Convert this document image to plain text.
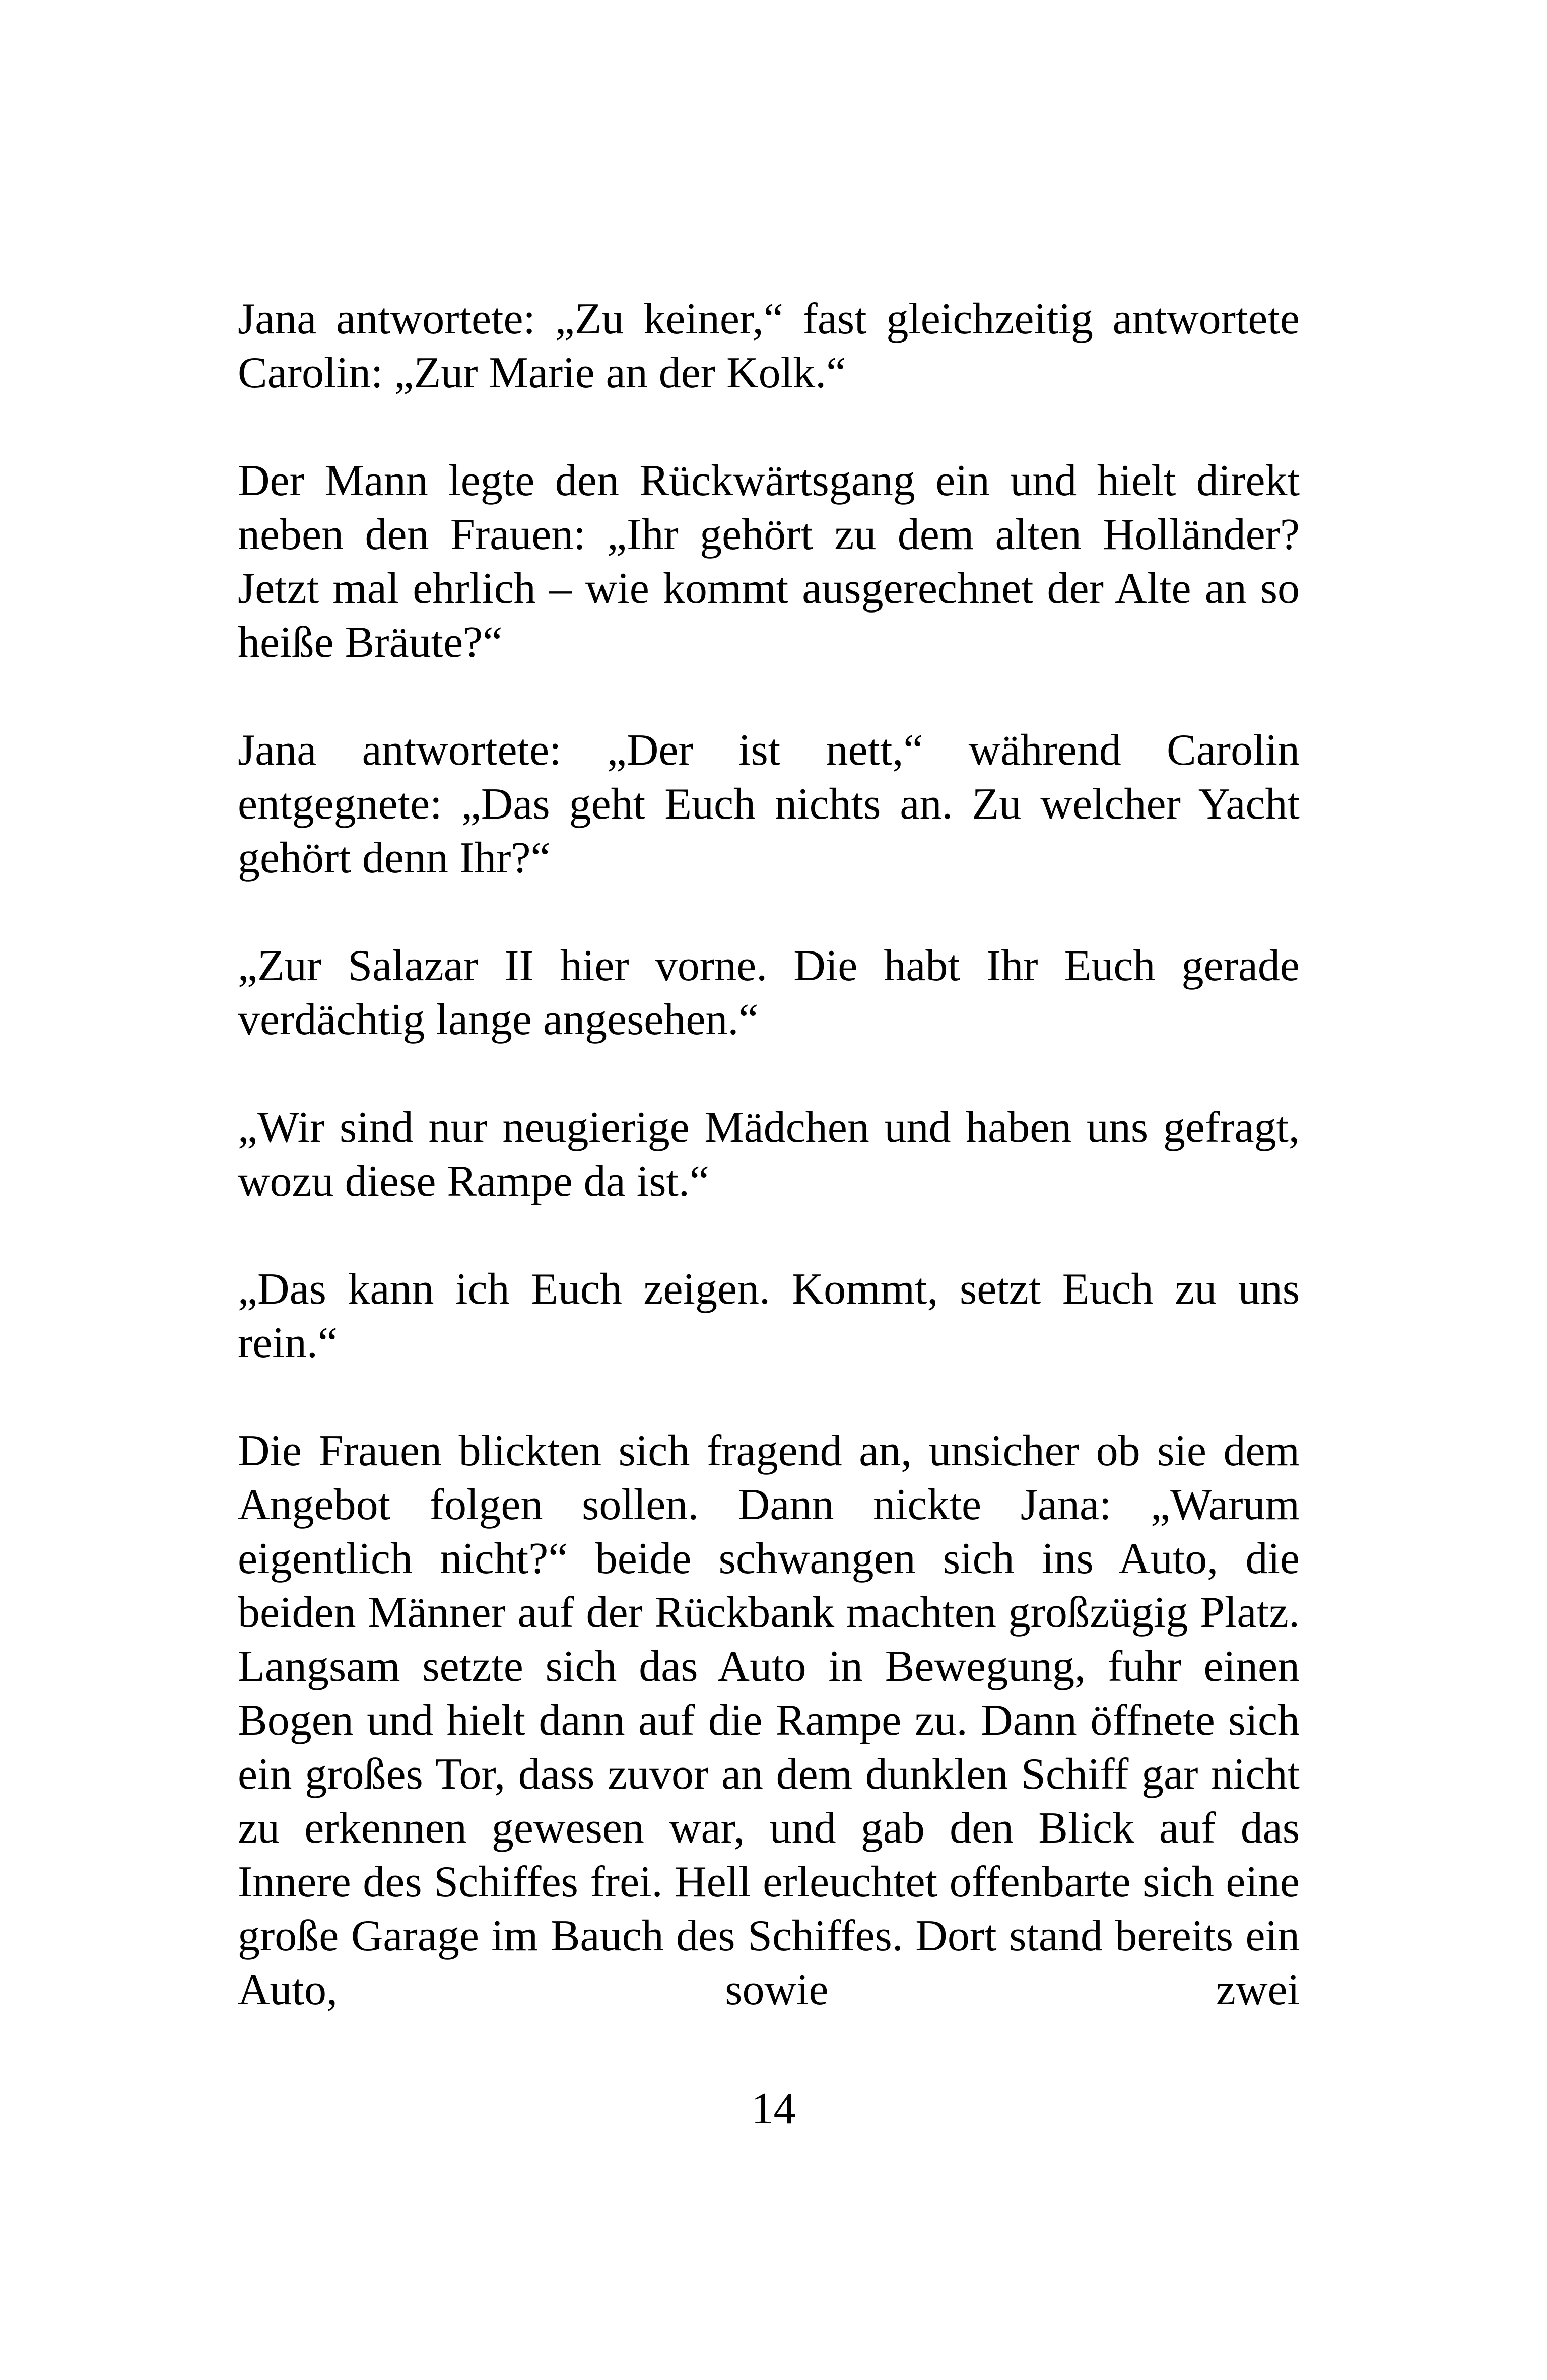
Jana antwortete: „Zu keiner,“ fast gleichzeitig antwortete Carolin: „Zur Marie an der Kolk.“

Der Mann legte den Rückwärtsgang ein und hielt direkt neben den Frauen: „Ihr gehört zu dem alten Holländer? Jetzt mal ehrlich – wie kommt ausgerechnet der Alte an so heiße Bräute?“

Jana antwortete: „Der ist nett,“ während Carolin entgegnete: „Das geht Euch nichts an. Zu welcher Yacht gehört denn Ihr?“

„Zur Salazar II hier vorne. Die habt Ihr Euch gerade verdächtig lange angesehen.“

„Wir sind nur neugierige Mädchen und haben uns gefragt, wozu diese Rampe da ist.“

„Das kann ich Euch zeigen. Kommt, setzt Euch zu uns rein.“

Die Frauen blickten sich fragend an, unsicher ob sie dem Angebot folgen sollen. Dann nickte Jana: „Warum eigentlich nicht?“ beide schwangen sich ins Auto, die beiden Männer auf der Rückbank machten großzügig Platz. Langsam setzte sich das Auto in Bewegung, fuhr einen Bogen und hielt dann auf die Rampe zu. Dann öffnete sich ein großes Tor, dass zuvor an dem dunklen Schiff gar nicht zu erkennen gewesen war, und gab den Blick auf das Innere des Schiffes frei. Hell erleuchtet offenbarte sich eine große Garage im Bauch des Schiffes. Dort stand bereits ein Auto, sowie zwei

14
